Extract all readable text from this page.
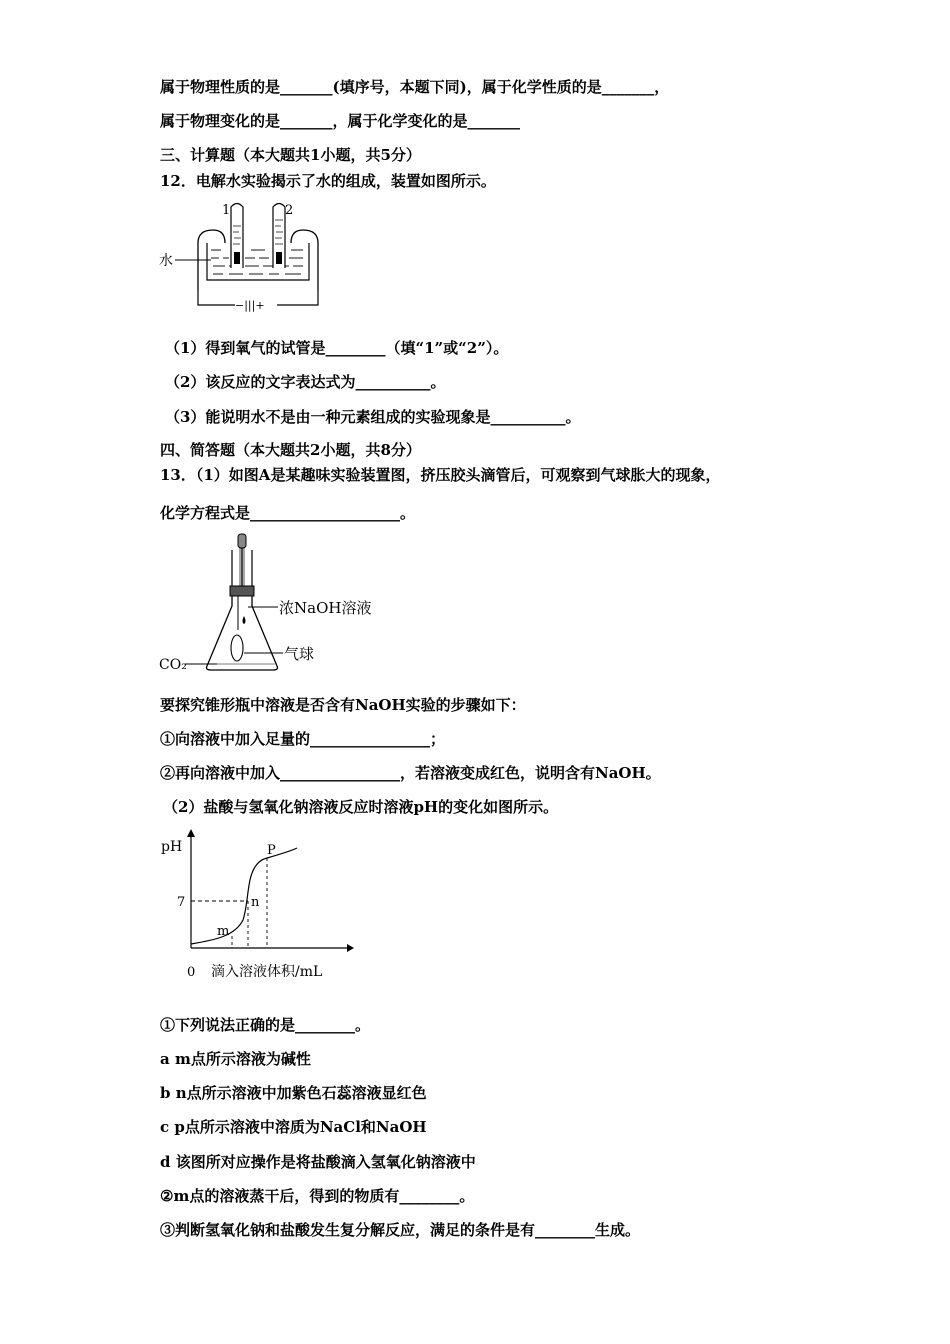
属于物理性质的是_______(填序号，本题下同)，属于化学性质的是_______，
属于物理变化的是_______，属于化学变化的是_______
三、计算题（本大题共1小题，共5分）
12．电解水实验揭示了水的组成，装置如图所示。
1	2
−|||+
水
（1）得到氧气的试管是________（填“1”或“2”）。
（2）该反应的文字表达式为__________。
（3）能说明水不是由一种元素组成的实验现象是__________。
四、简答题（本大题共2小题，共8分）
13．（1）如图A是某趣味实验装置图，挤压胶头滴管后，可观察到气球胀大的现象，
化学方程式是____________________。
浓NaOH溶液
气球
CO₂
要探究锥形瓶中溶液是否含有NaOH实验的步骤如下：
①向溶液中加入足量的________________；
②再向溶液中加入________________，若溶液变成红色，说明含有NaOH。
（2）盐酸与氢氧化钠溶液反应时溶液pH的变化如图所示。
pH
7
0 滴入溶液体积/mL
m
n
P
①下列说法正确的是________。
a m点所示溶液为碱性
b n点所示溶液中加紫色石蕊溶液显红色
c p点所示溶液中溶质为NaCl和NaOH
d 该图所对应操作是将盐酸滴入氢氧化钠溶液中
②m点的溶液蒸干后，得到的物质有________。
③判断氢氧化钠和盐酸发生复分解反应，满足的条件是有________生成。
